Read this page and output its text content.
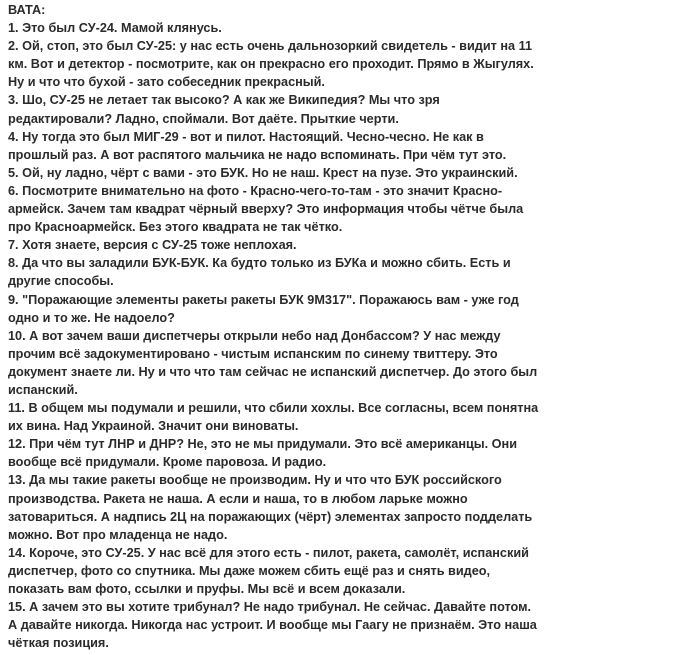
ВАТА:
1. Это был СУ-24. Мамой клянусь.
2. Ой, стоп, это был СУ-25: у нас есть очень дальнозоркий свидетель - видит на 11
км. Вот и детектор - посмотрите, как он прекрасно его проходит. Прямо в Жыгулях.
Ну и что что бухой - зато собеседник прекрасный.
3. Шо, СУ-25 не летает так высоко? А как же Википедия? Мы что зря
редактировали? Ладно, споймали. Вот даёте. Прыткие черти.
4. Ну тогда это был МИГ-29 - вот и пилот. Настоящий. Чесно-чесно. Не как в
прошлый раз. А вот распятого мальчика не надо вспоминать. При чём тут это.
5. Ой, ну ладно, чёрт с вами - это БУК. Но не наш. Крест на пузе. Это украинский.
6. Посмотрите внимательно на фото - Красно-чего-то-там - это значит Красно-
армейск. Зачем там квадрат чёрный вверху? Это информация чтобы чётче была
про Красноармейск. Без этого квадрата не так чётко.
7. Хотя знаете, версия с СУ-25 тоже неплохая.
8. Да что вы заладили БУК-БУК. Ка будто только из БУКа и можно сбить. Есть и
другие способы.
9. "Поражающие элементы ракеты ракеты БУК 9М317". Поражаюсь вам - уже год
одно и то же. Не надоело?
10. А вот зачем ваши диспетчеры открыли небо над Донбассом? У нас между
прочим всё задокументировано - чистым испанским по синему твиттеру. Это
документ знаете ли. Ну и что что там сейчас не испанский диспетчер. До этого был
испанский.
11. В общем мы подумали и решили, что сбили хохлы. Все согласны, всем понятна
их вина. Над Украиной. Значит они виноваты.
12. При чём тут ЛНР и ДНР? Не, это не мы придумали. Это всё американцы. Они
вообще всё придумали. Кроме паровоза. И радио.
13. Да мы такие ракеты вообще не производим. Ну и что что БУК российского
производства. Ракета не наша. А если и наша, то в любом ларьке можно
затовариться. А надпись 2Ц на поражающих (чёрт) элементах запросто подделать
можно. Вот про младенца не надо.
14. Короче, это СУ-25. У нас всё для этого есть - пилот, ракета, самолёт, испанский
диспетчер, фото со спутника. Мы даже можем сбить ещё раз и снять видео,
показать вам фото, ссылки и пруфы. Мы всё и всем доказали.
15. А зачем это вы хотите трибунал? Не надо трибунал. Не сейчас. Давайте потом.
А давайте никогда. Никогда нас устроит. И вообще мы Гаагу не признаём. Это наша
чёткая позиция.
